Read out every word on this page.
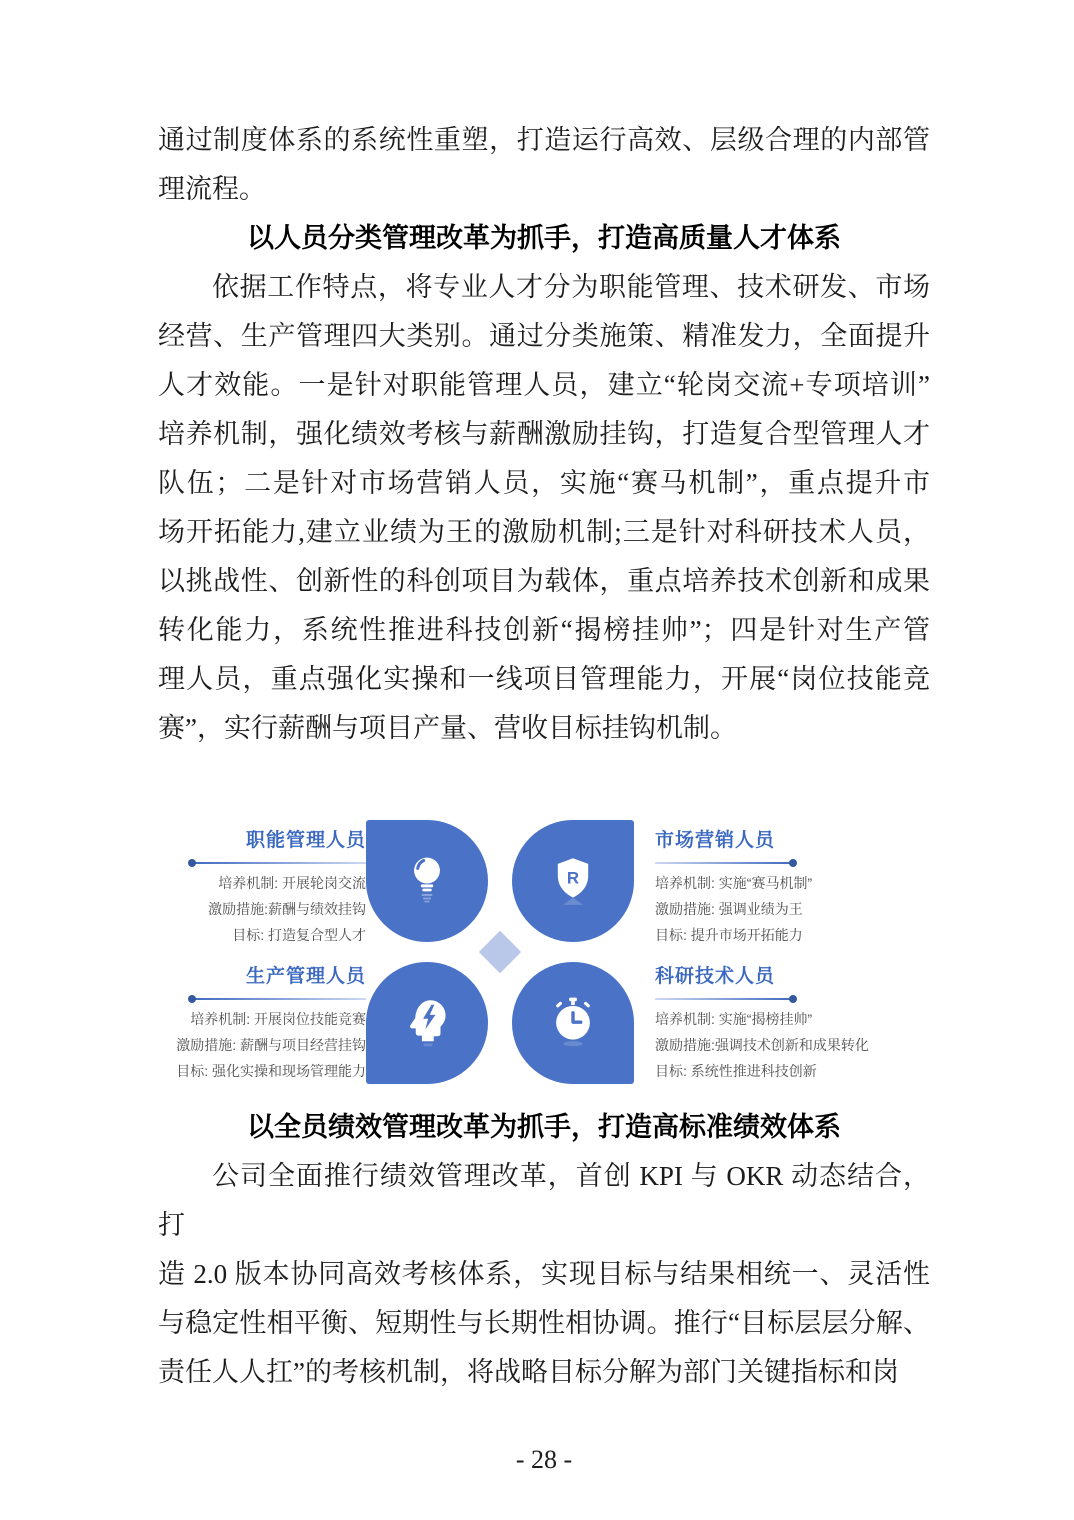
通过制度体系的系统性重塑，打造运行高效、层级合理的内部管
理流程。
以人员分类管理改革为抓手，打造高质量人才体系
依据工作特点，将专业人才分为职能管理、技术研发、市场
经营、生产管理四大类别。通过分类施策、精准发力，全面提升
人才效能。一是针对职能管理人员，建立“轮岗交流+专项培训”
培养机制，强化绩效考核与薪酬激励挂钩，打造复合型管理人才
队伍；二是针对市场营销人员，实施“赛马机制”，重点提升市
场开拓能力,建立业绩为王的激励机制;三是针对科研技术人员，
以挑战性、创新性的科创项目为载体，重点培养技术创新和成果
转化能力，系统性推进科技创新“揭榜挂帅”；四是针对生产管
理人员，重点强化实操和一线项目管理能力，开展“岗位技能竞
赛”，实行薪酬与项目产量、营收目标挂钩机制。
R
职能管理人员
培养机制: 开展轮岗交流
激励措施:薪酬与绩效挂钩
目标: 打造复合型人才
市场营销人员
培养机制: 实施“赛马机制”
激励措施: 强调业绩为王
目标: 提升市场开拓能力
生产管理人员
培养机制: 开展岗位技能竞赛
激励措施: 薪酬与项目经营挂钩
目标: 强化实操和现场管理能力
科研技术人员
培养机制: 实施“揭榜挂帅”
激励措施:强调技术创新和成果转化
目标: 系统性推进科技创新
以全员绩效管理改革为抓手，打造高标准绩效体系
公司全面推行绩效管理改革，首创 KPI 与 OKR 动态结合，打
造 2.0 版本协同高效考核体系，实现目标与结果相统一、灵活性
与稳定性相平衡、短期性与长期性相协调。推行“目标层层分解、
责任人人扛”的考核机制，将战略目标分解为部门关键指标和岗
- 28 -
